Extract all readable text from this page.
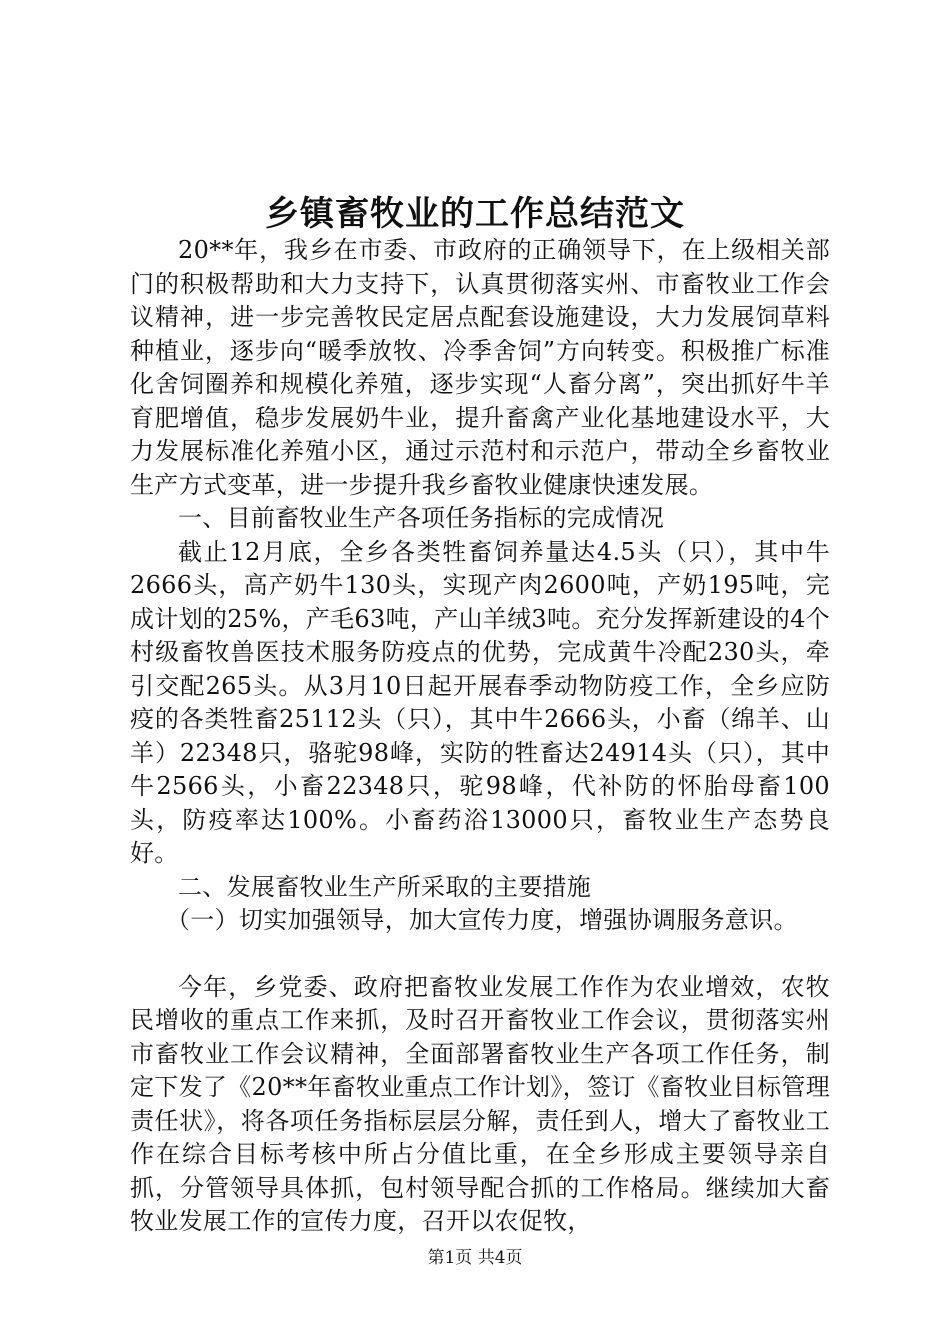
乡镇畜牧业的工作总结范文

20**年，我乡在市委、市政府的正确领导下，在上级相关部门的积极帮助和大力支持下，认真贯彻落实州、市畜牧业工作会议精神，进一步完善牧民定居点配套设施建设，大力发展饲草料种植业，逐步向“暖季放牧、冷季舍饲”方向转变。积极推广标准化舍饲圈养和规模化养殖，逐步实现“人畜分离”，突出抓好牛羊育肥增值，稳步发展奶牛业，提升畜禽产业化基地建设水平，大力发展标准化养殖小区，通过示范村和示范户，带动全乡畜牧业生产方式变革，进一步提升我乡畜牧业健康快速发展。

一、目前畜牧业生产各项任务指标的完成情况

截止12月底，全乡各类牲畜饲养量达4.5头（只），其中牛2666头，高产奶牛130头，实现产肉2600吨，产奶195吨，完成计划的25%，产毛63吨，产山羊绒3吨。充分发挥新建设的4个村级畜牧兽医技术服务防疫点的优势，完成黄牛冷配230头，牵引交配265头。从3月10日起开展春季动物防疫工作，全乡应防疫的各类牲畜25112头（只），其中牛2666头，小畜（绵羊、山羊）22348只，骆驼98峰，实防的牲畜达24914头（只），其中牛2566头，小畜22348只，驼98峰，代补防的怀胎母畜100头，防疫率达100%。小畜药浴13000只，畜牧业生产态势良好。

二、发展畜牧业生产所采取的主要措施

（一）切实加强领导，加大宣传力度，增强协调服务意识。

今年，乡党委、政府把畜牧业发展工作作为农业增效，农牧民增收的重点工作来抓，及时召开畜牧业工作会议，贯彻落实州市畜牧业工作会议精神，全面部署畜牧业生产各项工作任务，制定下发了《20**年畜牧业重点工作计划》，签订《畜牧业目标管理责任状》，将各项任务指标层层分解，责任到人，增大了畜牧业工作在综合目标考核中所占分值比重，在全乡形成主要领导亲自抓，分管领导具体抓，包村领导配合抓的工作格局。继续加大畜牧业发展工作的宣传力度，召开以农促牧，

第1页 共4页
